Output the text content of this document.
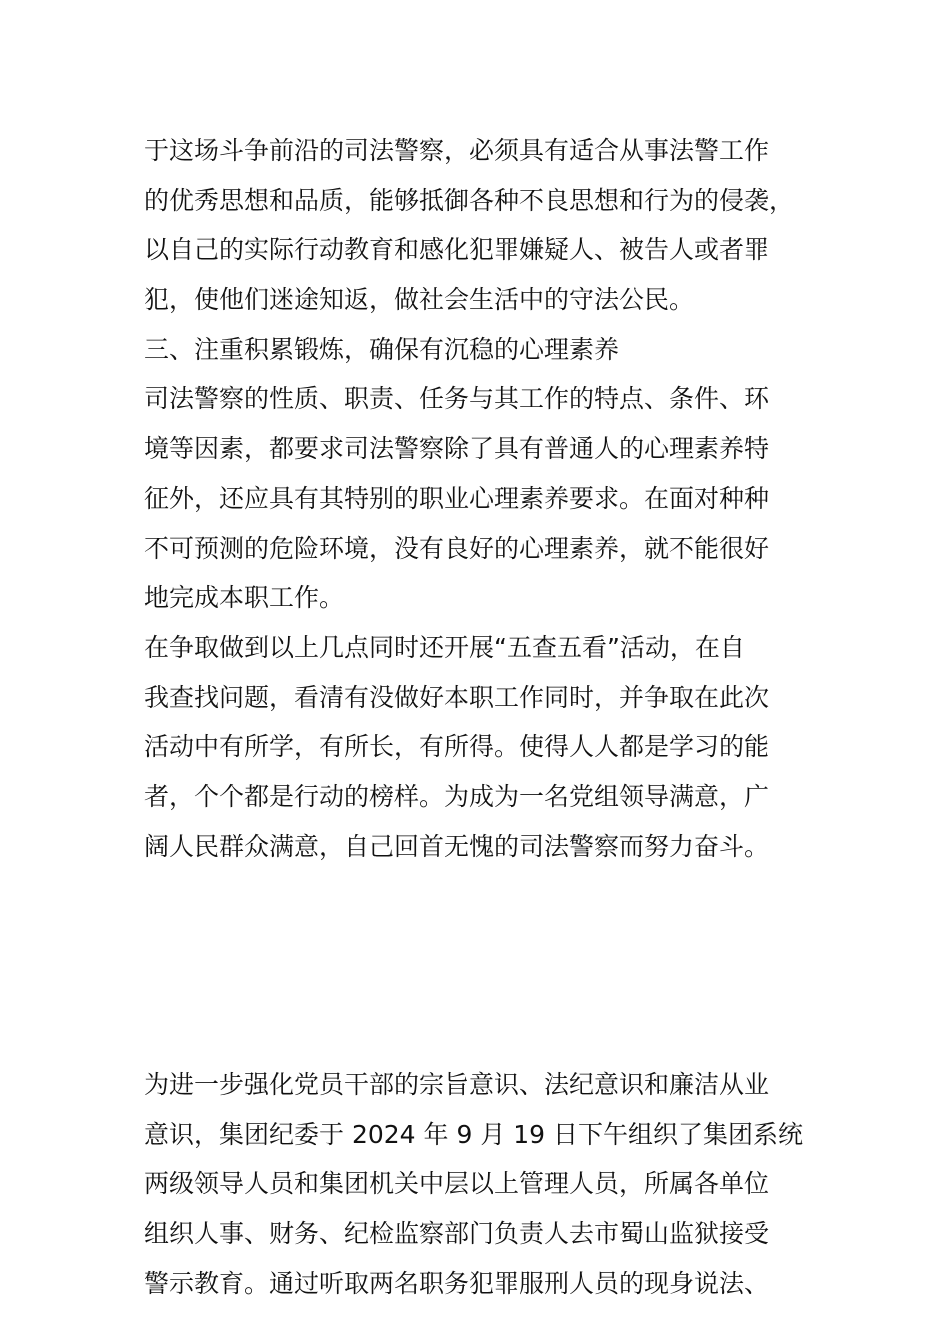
于这场斗争前沿的司法警察，必须具有适合从事法警工作
的优秀思想和品质，能够抵御各种不良思想和行为的侵袭，
以自己的实际行动教育和感化犯罪嫌疑人、被告人或者罪
犯，使他们迷途知返，做社会生活中的守法公民。
三、注重积累锻炼，确保有沉稳的心理素养
司法警察的性质、职责、任务与其工作的特点、条件、环
境等因素，都要求司法警察除了具有普通人的心理素养特
征外，还应具有其特别的职业心理素养要求。在面对种种
不可预测的危险环境，没有良好的心理素养，就不能很好
地完成本职工作。
在争取做到以上几点同时还开展“五查五看”活动，在自
我查找问题，看清有没做好本职工作同时，并争取在此次
活动中有所学，有所长，有所得。使得人人都是学习的能
者，个个都是行动的榜样。为成为一名党组领导满意，广
阔人民群众满意，自己回首无愧的司法警察而努力奋斗。
为进一步强化党员干部的宗旨意识、法纪意识和廉洁从业
意识，集团纪委于 2024 年 9 月 19 日下午组织了集团系统
两级领导人员和集团机关中层以上管理人员，所属各单位
组织人事、财务、纪检监察部门负责人去市蜀山监狱接受
警示教育。通过听取两名职务犯罪服刑人员的现身说法、
